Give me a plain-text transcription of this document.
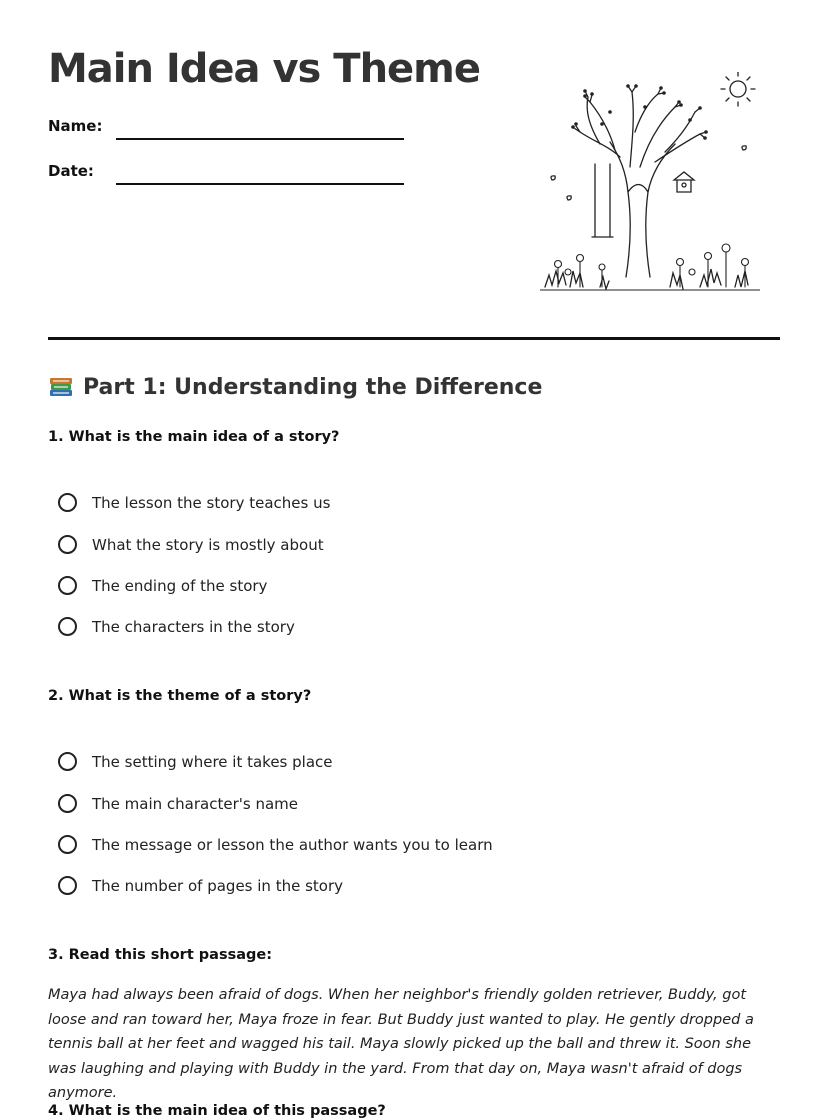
Main Idea vs Theme
Name:
Date:
Part 1: Understanding the Difference
1. What is the main idea of a story?
The lesson the story teaches us
What the story is mostly about
The ending of the story
The characters in the story
2. What is the theme of a story?
The setting where it takes place
The main character's name
The message or lesson the author wants you to learn
The number of pages in the story
3. Read this short passage:

Maya had always been afraid of dogs. When her neighbor's friendly golden retriever, Buddy, got loose and ran toward her, Maya froze in fear. But Buddy just wanted to play. He gently dropped a tennis ball at her feet and wagged his tail. Maya slowly picked up the ball and threw it. Soon she was laughing and playing with Buddy in the yard. From that day on, Maya wasn't afraid of dogs anymore.

4. What is the main idea of this passage?
